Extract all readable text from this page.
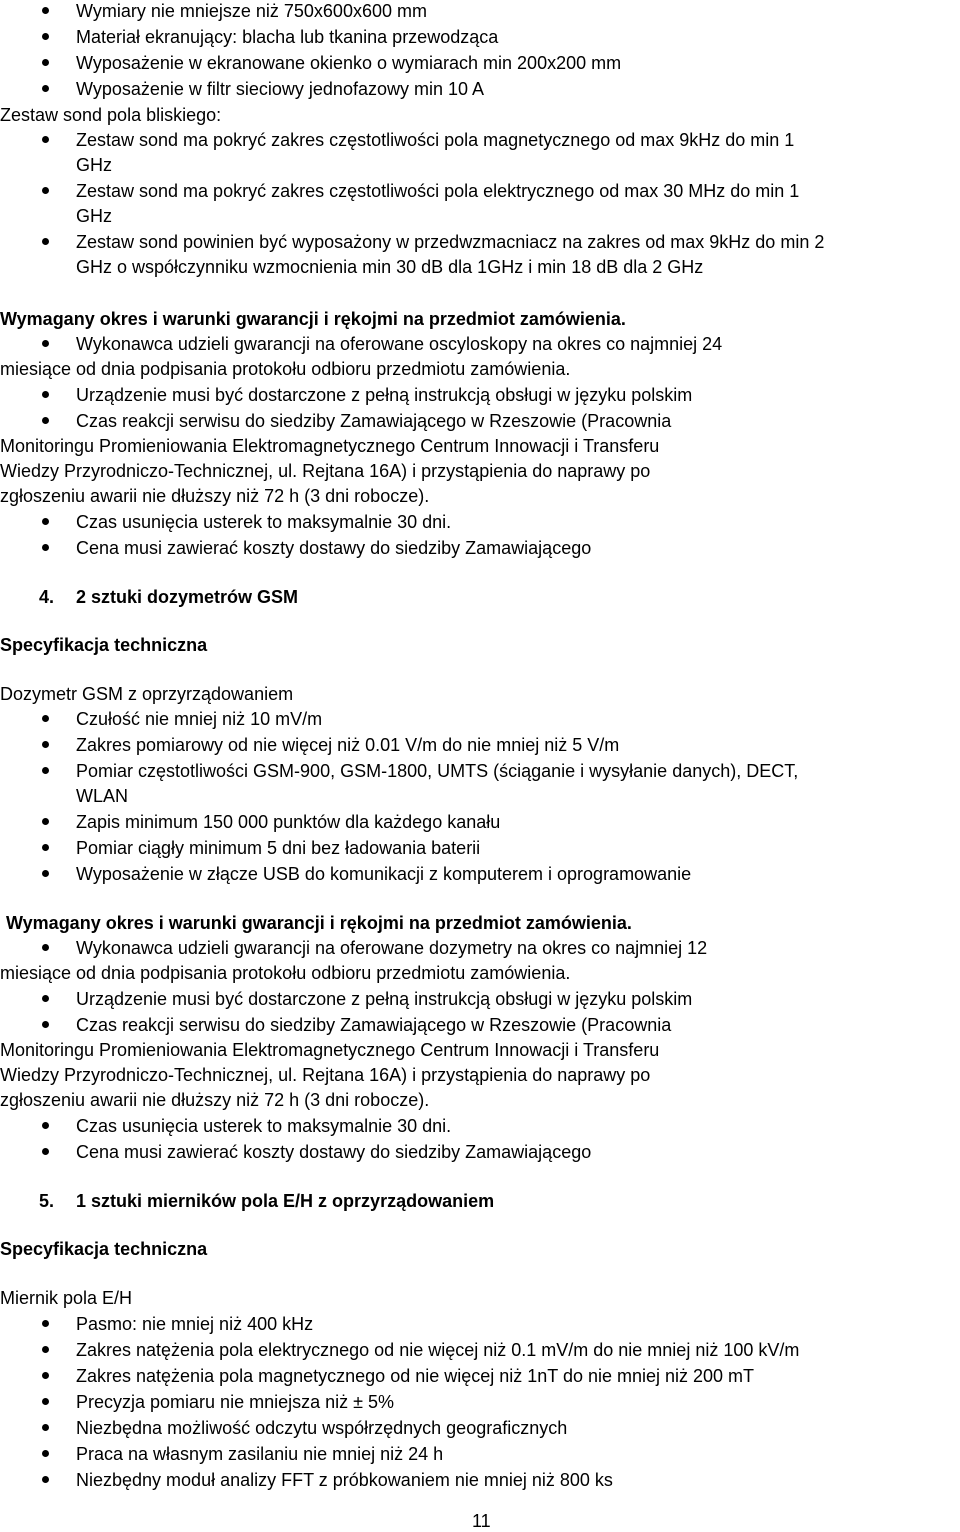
Wymiary nie mniejsze niż 750x600x600 mm
Materiał ekranujący: blacha lub tkanina przewodząca
Wyposażenie w ekranowane okienko o wymiarach min 200x200 mm
Wyposażenie w filtr sieciowy jednofazowy min 10 A
Zestaw sond pola bliskiego:
Zestaw sond ma pokryć zakres częstotliwości pola magnetycznego od max 9kHz do min 1
GHz
Zestaw sond ma pokryć zakres częstotliwości pola elektrycznego od max 30 MHz do min 1
GHz
Zestaw sond powinien być wyposażony w przedwzmacniacz na zakres od max 9kHz do min 2
GHz o współczynniku wzmocnienia min 30 dB dla 1GHz i min 18 dB dla 2 GHz
Wymagany okres i warunki gwarancji i rękojmi na przedmiot zamówienia.
Wykonawca udzieli gwarancji na oferowane oscyloskopy na okres co najmniej 24
miesiące od dnia podpisania protokołu odbioru przedmiotu zamówienia.
Urządzenie musi być dostarczone z pełną instrukcją obsługi w języku polskim
Czas reakcji serwisu do siedziby Zamawiającego w Rzeszowie (Pracownia
Monitoringu Promieniowania Elektromagnetycznego Centrum Innowacji i Transferu
Wiedzy Przyrodniczo-Technicznej, ul. Rejtana 16A) i przystąpienia do naprawy po
zgłoszeniu awarii nie dłuższy niż 72 h (3 dni robocze).
Czas usunięcia usterek to maksymalnie 30 dni.
Cena musi zawierać koszty dostawy do siedziby Zamawiającego
4. 2 sztuki dozymetrów GSM
Specyfikacja techniczna
Dozymetr GSM z oprzyrządowaniem
Czułość nie mniej niż 10 mV/m
Zakres pomiarowy od nie więcej niż 0.01 V/m do nie mniej niż 5 V/m
Pomiar częstotliwości GSM-900, GSM-1800, UMTS (ściąganie i wysyłanie danych), DECT,
WLAN
Zapis minimum 150 000 punktów dla każdego kanału
Pomiar ciągły minimum 5 dni bez ładowania baterii
Wyposażenie w złącze USB do komunikacji z komputerem i oprogramowanie
Wymagany okres i warunki gwarancji i rękojmi na przedmiot zamówienia.
Wykonawca udzieli gwarancji na oferowane dozymetry na okres co najmniej 12
miesiące od dnia podpisania protokołu odbioru przedmiotu zamówienia.
Urządzenie musi być dostarczone z pełną instrukcją obsługi w języku polskim
Czas reakcji serwisu do siedziby Zamawiającego w Rzeszowie (Pracownia
Monitoringu Promieniowania Elektromagnetycznego Centrum Innowacji i Transferu
Wiedzy Przyrodniczo-Technicznej, ul. Rejtana 16A) i przystąpienia do naprawy po
zgłoszeniu awarii nie dłuższy niż 72 h (3 dni robocze).
Czas usunięcia usterek to maksymalnie 30 dni.
Cena musi zawierać koszty dostawy do siedziby Zamawiającego
5. 1 sztuki mierników pola E/H z oprzyrządowaniem
Specyfikacja techniczna
Miernik pola E/H
Pasmo: nie mniej niż 400 kHz
Zakres natężenia pola elektrycznego od nie więcej niż 0.1 mV/m do nie mniej niż 100 kV/m
Zakres natężenia pola magnetycznego od nie więcej niż 1nT do nie mniej niż 200 mT
Precyzja pomiaru nie mniejsza niż ± 5%
Niezbędna możliwość odczytu współrzędnych geograficznych
Praca na własnym zasilaniu nie mniej niż 24 h
Niezbędny moduł analizy FFT z próbkowaniem nie mniej niż 800 ks
11
